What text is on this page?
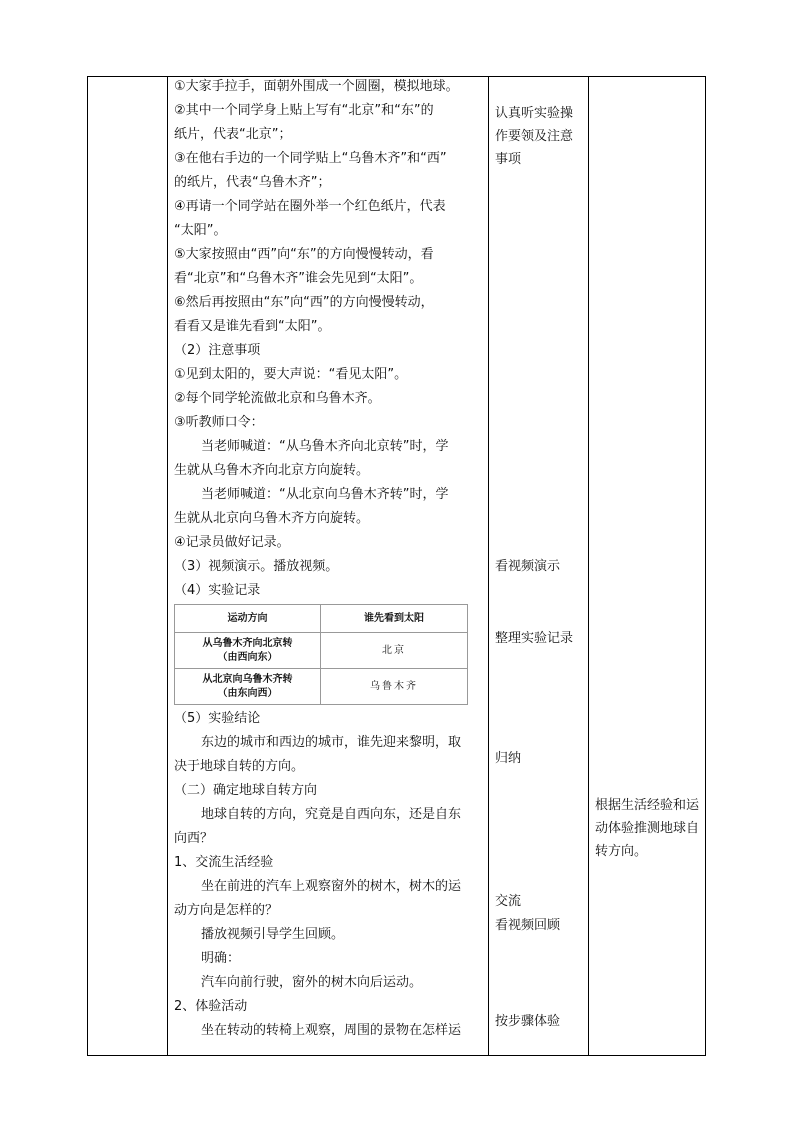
①大家手拉手，面朝外围成一个圆圈，模拟地球。
②其中一个同学身上贴上写有“北京”和“东”的
纸片，代表“北京”；
③在他右手边的一个同学贴上“乌鲁木齐”和“西”
的纸片，代表“乌鲁木齐”；
④再请一个同学站在圈外举一个红色纸片，代表
“太阳”。
⑤大家按照由“西”向“东”的方向慢慢转动，看
看“北京”和“乌鲁木齐”谁会先见到“太阳”。
⑥然后再按照由“东”向“西”的方向慢慢转动，
看看又是谁先看到“太阳”。
（2）注意事项
①见到太阳的，要大声说：“看见太阳”。
②每个同学轮流做北京和乌鲁木齐。
③听教师口令：
当老师喊道：“从乌鲁木齐向北京转”时，学
生就从乌鲁木齐向北京方向旋转。
当老师喊道：“从北京向乌鲁木齐转”时，学
生就从北京向乌鲁木齐方向旋转。
④记录员做好记录。
（3）视频演示。播放视频。
（4）实验记录
运动方向	谁先看到太阳

从乌鲁木齐向北京转
（由西向东）	北京

从北京向乌鲁木齐转
（由东向西）	乌鲁木齐
（5）实验结论
东边的城市和西边的城市，谁先迎来黎明，取
决于地球自转的方向。
（二）确定地球自转方向
地球自转的方向，究竟是自西向东，还是自东
向西？
1、交流生活经验
坐在前进的汽车上观察窗外的树木，树木的运
动方向是怎样的？
播放视频引导学生回顾。
明确：
汽车向前行驶，窗外的树木向后运动。
2、体验活动
坐在转动的转椅上观察，周围的景物在怎样运
认真听实验操作要领及注意事项
看视频演示
整理实验记录
归纳
交流
看视频回顾
按步骤体验
根据生活经验和运动体验推测地球自转方向。
